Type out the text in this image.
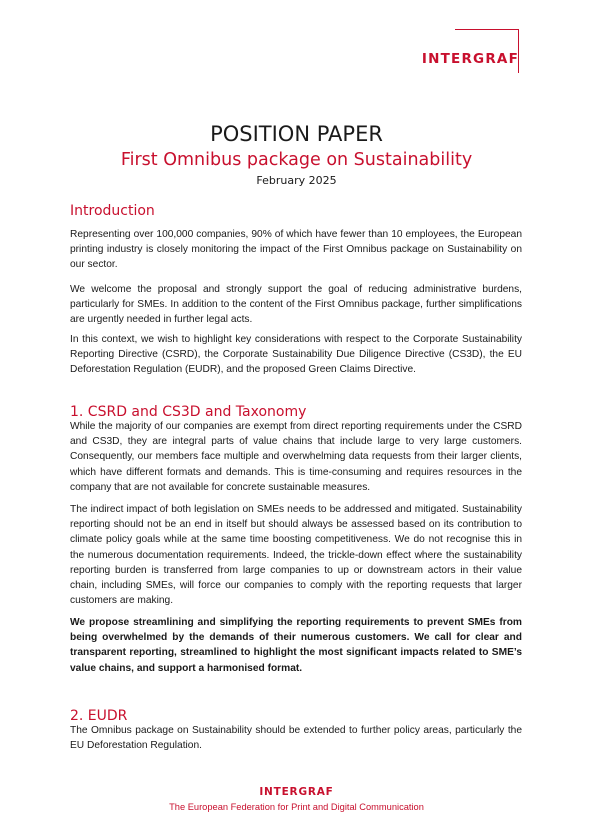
INTERGRAF
POSITION PAPER
First Omnibus package on Sustainability
February 2025
Introduction

Representing over 100,000 companies, 90% of which have fewer than 10 employees, the European printing industry is closely monitoring the impact of the First Omnibus package on Sustainability on our sector.

We welcome the proposal and strongly support the goal of reducing administrative burdens, particularly for SMEs. In addition to the content of the First Omnibus package, further simplifications are urgently needed in further legal acts.

In this context, we wish to highlight key considerations with respect to the Corporate Sustainability Reporting Directive (CSRD), the Corporate Sustainability Due Diligence Directive (CS3D), the EU Deforestation Regulation (EUDR), and the proposed Green Claims Directive.

1. CSRD and CS3D and Taxonomy

While the majority of our companies are exempt from direct reporting requirements under the CSRD and CS3D, they are integral parts of value chains that include large to very large customers. Consequently, our members face multiple and overwhelming data requests from their larger clients, which have different formats and demands. This is time-consuming and requires resources in the company that are not available for concrete sustainable measures.

The indirect impact of both legislation on SMEs needs to be addressed and mitigated. Sustainability reporting should not be an end in itself but should always be assessed based on its contribution to climate policy goals while at the same time boosting competitiveness. We do not recognise this in the numerous documentation requirements. Indeed, the trickle-down effect where the sustainability reporting burden is transferred from large companies to up or downstream actors in their value chain, including SMEs, will force our companies to comply with the reporting requests that larger customers are making.

We propose streamlining and simplifying the reporting requirements to prevent SMEs from being overwhelmed by the demands of their numerous customers. We call for clear and transparent reporting, streamlined to highlight the most significant impacts related to SME’s value chains, and support a harmonised format.

2. EUDR

The Omnibus package on Sustainability should be extended to further policy areas, particularly the EU Deforestation Regulation.

INTERGRAF
The European Federation for Print and Digital Communication
